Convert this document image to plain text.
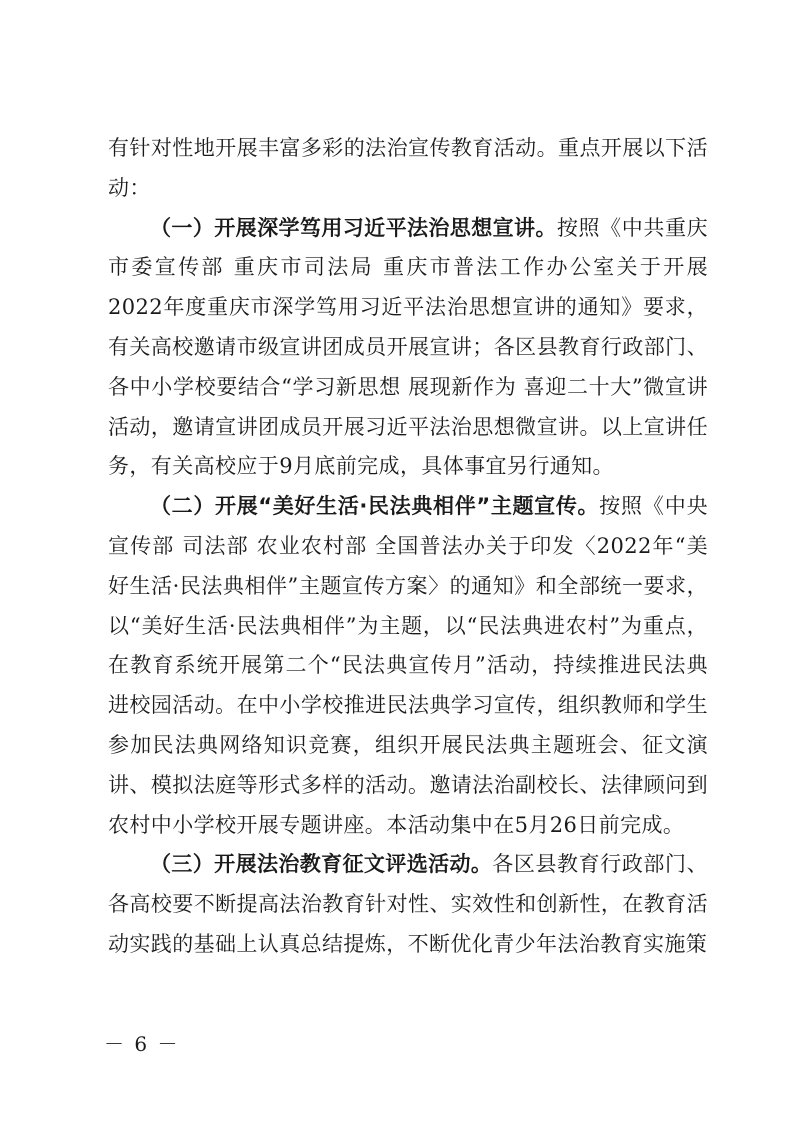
有针对性地开展丰富多彩的法治宣传教育活动。重点开展以下活动：

（一）开展深学笃用习近平法治思想宣讲。按照《中共重庆市委宣传部 重庆市司法局 重庆市普法工作办公室关于开展2022年度重庆市深学笃用习近平法治思想宣讲的通知》要求，有关高校邀请市级宣讲团成员开展宣讲；各区县教育行政部门、各中小学校要结合“学习新思想 展现新作为 喜迎二十大”微宣讲活动，邀请宣讲团成员开展习近平法治思想微宣讲。以上宣讲任务，有关高校应于9月底前完成，具体事宜另行通知。

（二）开展“美好生活·民法典相伴”主题宣传。按照《中央宣传部 司法部 农业农村部 全国普法办关于印发〈2022年“美好生活·民法典相伴”主题宣传方案〉的通知》和全部统一要求，以“美好生活·民法典相伴”为主题，以“民法典进农村”为重点，在教育系统开展第二个“民法典宣传月”活动，持续推进民法典进校园活动。在中小学校推进民法典学习宣传，组织教师和学生参加民法典网络知识竞赛，组织开展民法典主题班会、征文演讲、模拟法庭等形式多样的活动。邀请法治副校长、法律顾问到农村中小学校开展专题讲座。本活动集中在5月26日前完成。

（三）开展法治教育征文评选活动。各区县教育行政部门、各高校要不断提高法治教育针对性、实效性和创新性，在教育活动实践的基础上认真总结提炼，不断优化青少年法治教育实施策

－ 6 －
